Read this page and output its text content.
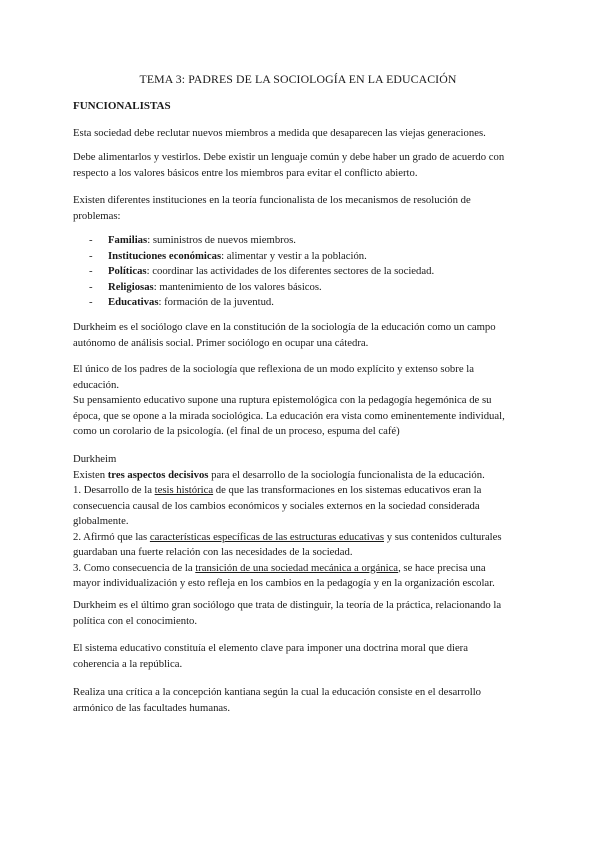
TEMA 3: PADRES DE LA SOCIOLOGÍA EN LA EDUCACIÓN
FUNCIONALISTAS
Esta sociedad debe reclutar nuevos miembros a medida que desaparecen las viejas generaciones.
Debe alimentarlos y vestirlos. Debe existir un lenguaje común y debe haber un grado de acuerdo con
respecto a los valores básicos entre los miembros para evitar el conflicto abierto.
Existen diferentes instituciones en la teoría funcionalista de los mecanismos de resolución de
problemas:
- Familias: suministros de nuevos miembros.
- Instituciones económicas: alimentar y vestir a la población.
- Políticas: coordinar las actividades de los diferentes sectores de la sociedad.
- Religiosas: mantenimiento de los valores básicos.
- Educativas: formación de la juventud.
Durkheim es el sociólogo clave en la constitución de la sociología de la educación como un campo
autónomo de análisis social. Primer sociólogo en ocupar una cátedra.
El único de los padres de la sociología que reflexiona de un modo explícito y extenso sobre la
educación.
Su pensamiento educativo supone una ruptura epistemológica con la pedagogía hegemónica de su
época, que se opone a la mirada sociológica. La educación era vista como eminentemente individual,
como un corolario de la psicología. (el final de un proceso, espuma del café)
Durkheim
Existen tres aspectos decisivos para el desarrollo de la sociología funcionalista de la educación.
1. Desarrollo de la tesis histórica de que las transformaciones en los sistemas educativos eran la
consecuencia causal de los cambios económicos y sociales externos en la sociedad considerada
globalmente.
2. Afirmó que las características específicas de las estructuras educativas y sus contenidos culturales
guardaban una fuerte relación con las necesidades de la sociedad.
3. Como consecuencia de la transición de una sociedad mecánica a orgánica, se hace precisa una
mayor individualización y esto refleja en los cambios en la pedagogía y en la organización escolar.
Durkheim es el último gran sociólogo que trata de distinguir, la teoría de la práctica, relacionando la
política con el conocimiento.
El sistema educativo constituía el elemento clave para imponer una doctrina moral que diera
coherencia a la república.
Realiza una crítica a la concepción kantiana según la cual la educación consiste en el desarrollo
armónico de las facultades humanas.
